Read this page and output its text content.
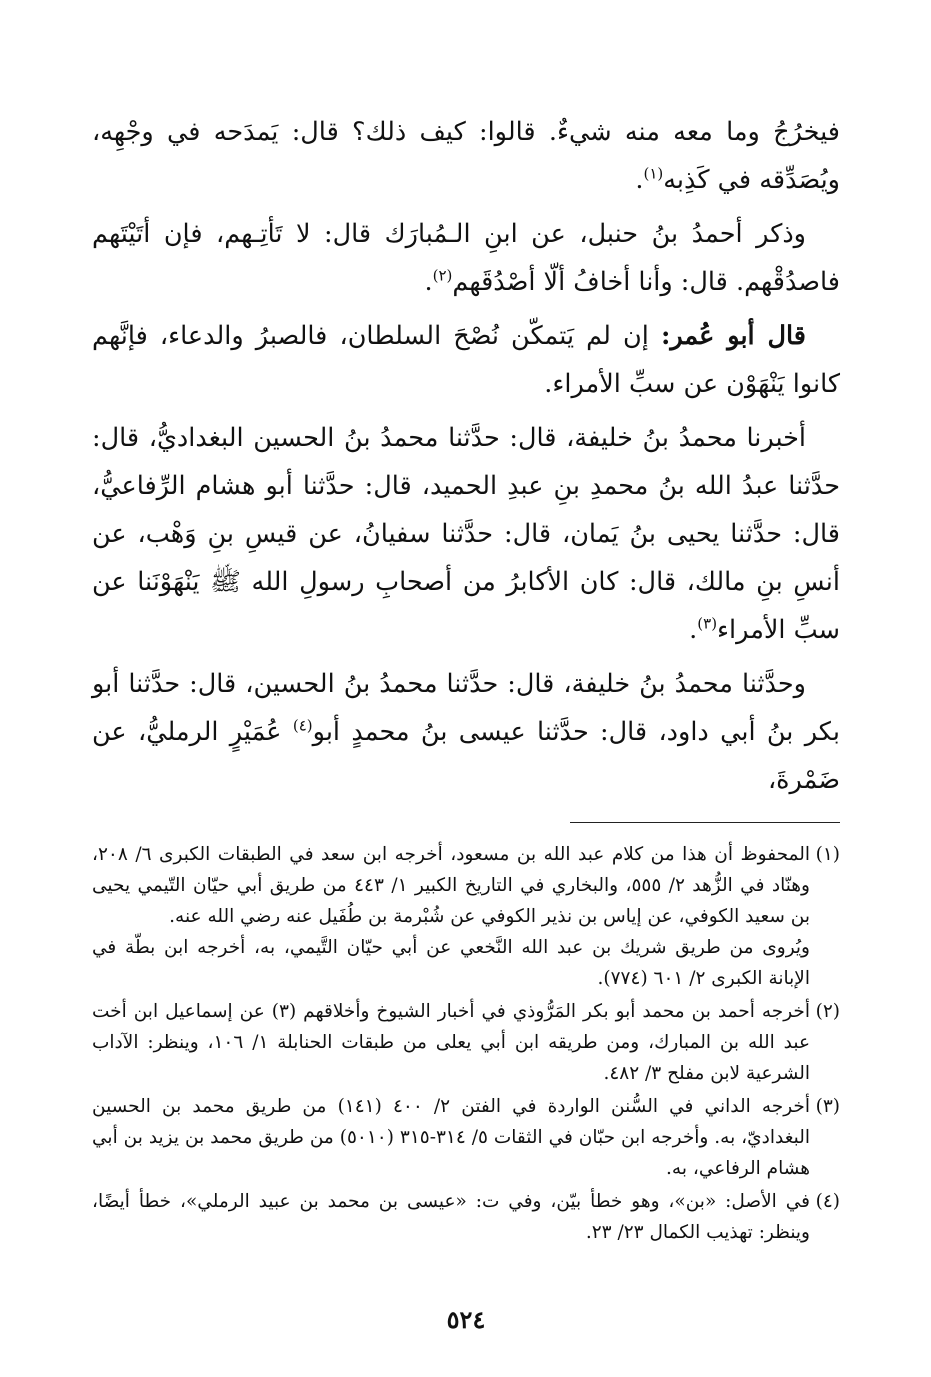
فيخرُجُ وما معه منه شيءٌ. قالوا: كيف ذلك؟ قال: يَمدَحه في وجْهِه، ويُصَدِّقه في كَذِبه$^{(١)}$.

وذكر أحمدُ بنُ حنبل، عن ابنِ الـمُبارَك قال: لا تَأتِـهم، فإن أتَيْتَهم فاصدُقْهم. قال: وأنا أخافُ ألّا أصْدُقَهم$^{(٢)}$.

قال أبو عُمر: إن لم يَتمكّن نُصْحَ السلطان، فالصبرُ والدعاء، فإنَّهم كانوا يَنْهَوْن عن سبِّ الأمراء.

أخبرنا محمدُ بنُ خليفة، قال: حدَّثنا محمدُ بنُ الحسين البغداديُّ، قال: حدَّثنا عبدُ الله بنُ محمدِ بنِ عبدِ الحميد، قال: حدَّثنا أبو هشام الرِّفاعيُّ، قال: حدَّثنا يحيى بنُ يَمان، قال: حدَّثنا سفيانُ، عن قيسِ بنِ وَهْب، عن أنسِ بنِ مالك، قال: كان الأكابرُ من أصحابِ رسولِ الله ﷺ يَنْهَوْنَنا عن سبِّ الأمراء$^{(٣)}$.

وحدَّثنا محمدُ بنُ خليفة، قال: حدَّثنا محمدُ بنُ الحسين، قال: حدَّثنا أبو بكر بنُ أبي داود، قال: حدَّثنا عيسى بنُ محمدٍ أبو$^{(٤)}$ عُمَيْرٍ الرمليُّ، عن ضَمْرةَ،

(١)

المحفوظ أن هذا من كلام عبد الله بن مسعود، أخرجه ابن سعد في الطبقات الكبرى ٦/ ٢٠٨، وهنّاد في الزُّهد ٢/ ٥٥٥، والبخاري في التاريخ الكبير ١/ ٤٤٣ من طريق أبي حيّان التّيمي يحيى بن سعيد الكوفي، عن إياس بن نذير الكوفي عن شُبْرمة بن طُفَيل عنه رضي الله عنه.

ويُروى من طريق شريك بن عبد الله النَّخعي عن أبي حيّان التَّيمي، به، أخرجه ابن بطّة في الإبانة الكبرى ٢/ ٦٠١ (٧٧٤).

(٢)

أخرجه أحمد بن محمد أبو بكر المَرُّوذي في أخبار الشيوخ وأخلاقهم (٣) عن إسماعيل ابن أخت عبد الله بن المبارك، ومن طريقه ابن أبي يعلى من طبقات الحنابلة ١/ ١٠٦، وينظر: الآداب الشرعية لابن مفلح ٣/ ٤٨٢.

(٣)

أخرجه الداني في السُّنن الواردة في الفتن ٢/ ٤٠٠ (١٤١) من طريق محمد بن الحسين البغداديّ، به. وأخرجه ابن حبّان في الثقات ٥/ ٣١٤-٣١٥ (٥٠١٠) من طريق محمد بن يزيد بن أبي هشام الرفاعي، به.

(٤)

في الأصل: «بن»، وهو خطأ بيّن، وفي ت: «عيسى بن محمد بن عبيد الرملي»، خطأ أيضًا، وينظر: تهذيب الكمال ٢٣/ ٢٣.

٥٢٤
